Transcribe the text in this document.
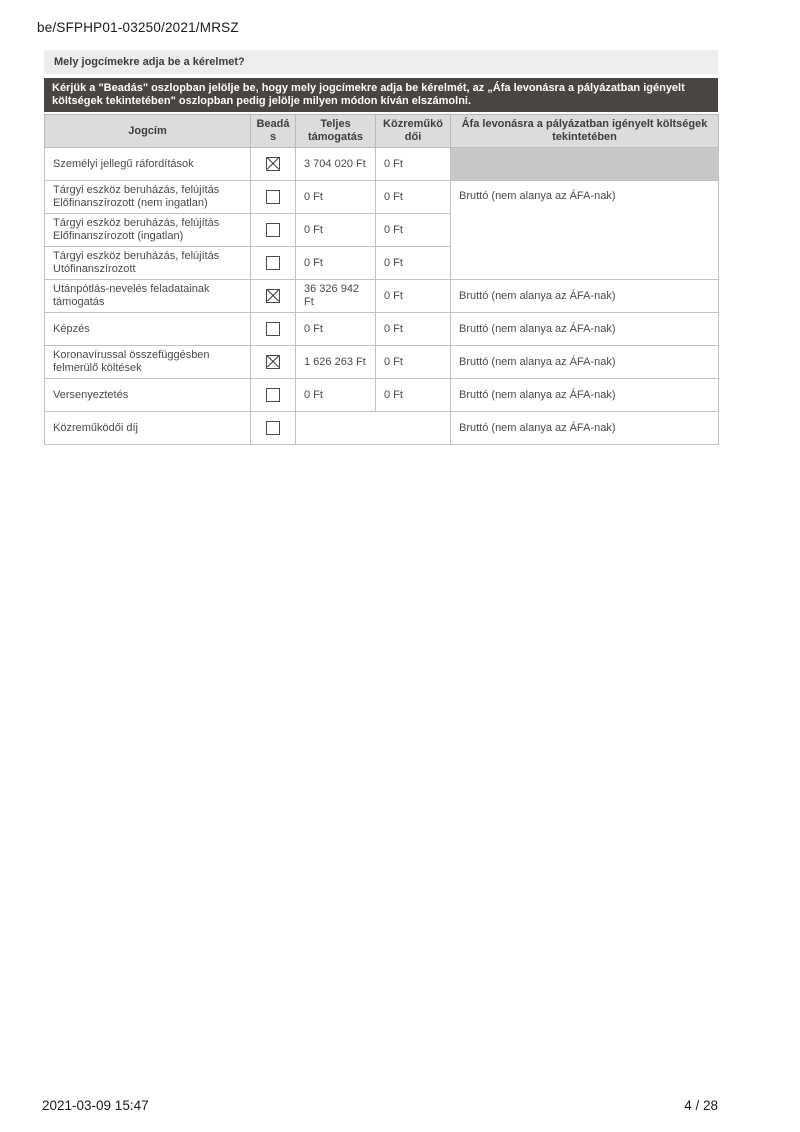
be/SFPHP01-03250/2021/MRSZ
Mely jogcímekre adja be a kérelmet?
Kérjük a "Beadás" oszlopban jelölje be, hogy mely jogcímekre adja be kérelmét, az „Áfa levonásra a pályázatban igényelt költségek tekintetében" oszlopban pedig jelölje milyen módon kíván elszámolni.
Jogcím	Beadás	Teljes támogatás	Közreműködői	Áfa levonásra a pályázatban igényelt költségek tekintetében
Személyi jellegű ráfordítások		3 704 020 Ft	0 Ft	
Tárgyi eszköz beruházás, felújítás Előfinanszírozott (nem ingatlan)		0 Ft	0 Ft	Bruttó (nem alanya az ÁFA-nak)
Tárgyi eszköz beruházás, felújítás Előfinanszírozott (ingatlan)		0 Ft	0 Ft	
Tárgyi eszköz beruházás, felújítás Utófinanszírozott		0 Ft	0 Ft	
Utánpótlás-nevelés feladatainak támogatás		36 326 942 Ft	0 Ft	Bruttó (nem alanya az ÁFA-nak)
Képzés		0 Ft	0 Ft	Bruttó (nem alanya az ÁFA-nak)
Koronavírussal összefüggésben felmerülő költések		1 626 263 Ft	0 Ft	Bruttó (nem alanya az ÁFA-nak)
Versenyeztetés		0 Ft	0 Ft	Bruttó (nem alanya az ÁFA-nak)
Közreműködői díj				Bruttó (nem alanya az ÁFA-nak)
2021-03-09 15:47	4 / 28
